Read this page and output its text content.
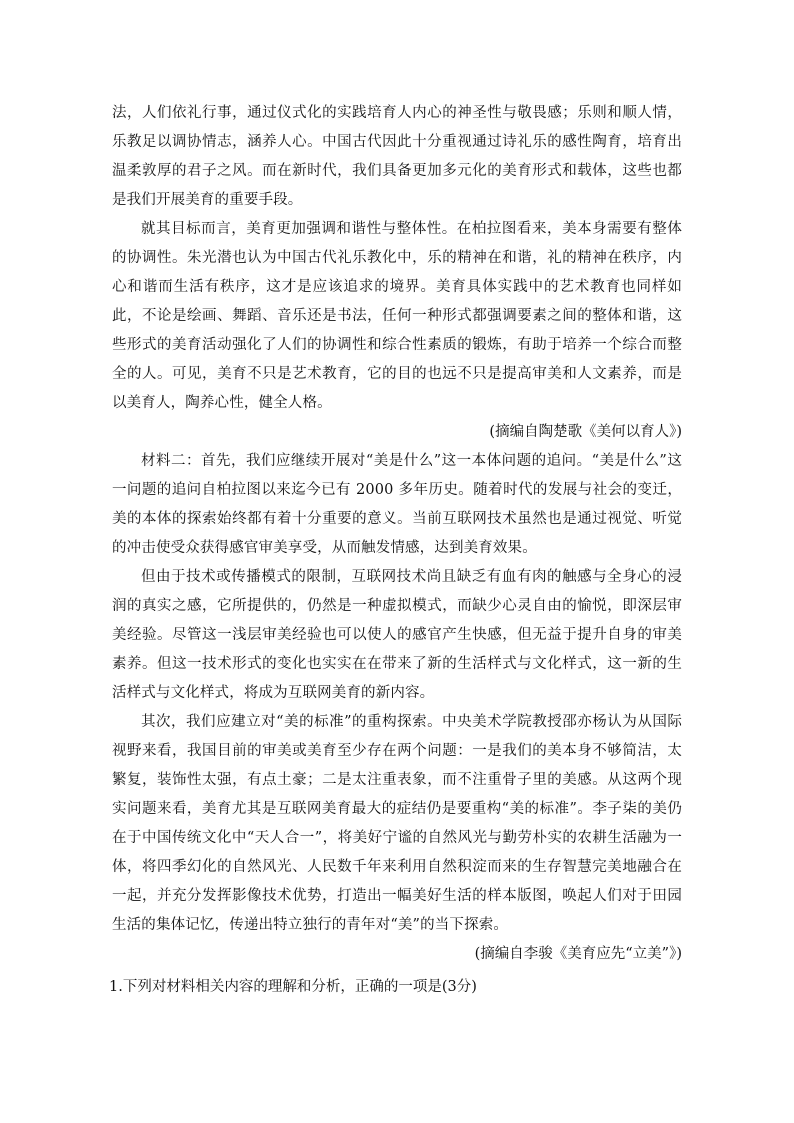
法，人们依礼行事，通过仪式化的实践培育人内心的神圣性与敬畏感；乐则和顺人情，乐教足以调协情志，涵养人心。中国古代因此十分重视通过诗礼乐的感性陶育，培育出温柔敦厚的君子之风。而在新时代，我们具备更加多元化的美育形式和载体，这些也都是我们开展美育的重要手段。

就其目标而言，美育更加强调和谐性与整体性。在柏拉图看来，美本身需要有整体的协调性。朱光潜也认为中国古代礼乐教化中，乐的精神在和谐，礼的精神在秩序，内心和谐而生活有秩序，这才是应该追求的境界。美育具体实践中的艺术教育也同样如此，不论是绘画、舞蹈、音乐还是书法，任何一种形式都强调要素之间的整体和谐，这些形式的美育活动强化了人们的协调性和综合性素质的锻炼，有助于培养一个综合而整全的人。可见，美育不只是艺术教育，它的目的也远不只是提高审美和人文素养，而是以美育人，陶养心性，健全人格。

(摘编自陶楚歌《美何以育人》)

材料二：首先，我们应继续开展对“美是什么”这一本体问题的追问。“美是什么”这一问题的追问自柏拉图以来迄今已有 2000 多年历史。随着时代的发展与社会的变迁，美的本体的探索始终都有着十分重要的意义。当前互联网技术虽然也是通过视觉、听觉的冲击使受众获得感官审美享受，从而触发情感，达到美育效果。

但由于技术或传播模式的限制，互联网技术尚且缺乏有血有肉的触感与全身心的浸润的真实之感，它所提供的，仍然是一种虚拟模式，而缺少心灵自由的愉悦，即深层审美经验。尽管这一浅层审美经验也可以使人的感官产生快感，但无益于提升自身的审美素养。但这一技术形式的变化也实实在在带来了新的生活样式与文化样式，这一新的生活样式与文化样式，将成为互联网美育的新内容。

其次，我们应建立对“美的标准”的重构探索。中央美术学院教授邵亦杨认为从国际视野来看，我国目前的审美或美育至少存在两个问题：一是我们的美本身不够简洁，太繁复，装饰性太强，有点土豪；二是太注重表象，而不注重骨子里的美感。从这两个现实问题来看，美育尤其是互联网美育最大的症结仍是要重构“美的标准”。李子柒的美仍在于中国传统文化中“天人合一”，将美好宁谧的自然风光与勤劳朴实的农耕生活融为一体，将四季幻化的自然风光、人民数千年来利用自然积淀而来的生存智慧完美地融合在一起，并充分发挥影像技术优势，打造出一幅美好生活的样本版图，唤起人们对于田园生活的集体记忆，传递出特立独行的青年对“美”的当下探索。

(摘编自李骏《美育应先“立美”》)

1.下列对材料相关内容的理解和分析，正确的一项是(3分)
